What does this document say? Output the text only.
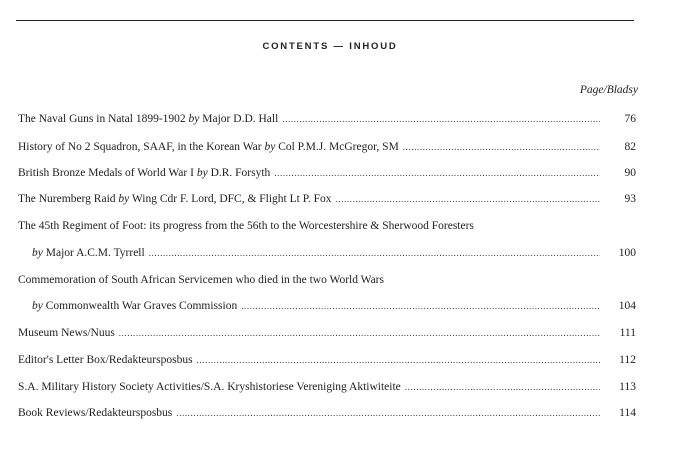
CONTENTS — INHOUD
Page/Bladsy
The Naval Guns in Natal 1899-1902 by Major D.D. Hall .....	76
History of No 2 Squadron, SAAF, in the Korean War by Col P.M.J. McGregor, SM .....	82
British Bronze Medals of World War I by D.R. Forsyth .....	90
The Nuremberg Raid by Wing Cdr F. Lord, DFC, & Flight Lt P. Fox .....	93
The 45th Regiment of Foot: its progress from the 56th to the Worcestershire & Sherwood Foresters
by Major A.C.M. Tyrrell .....	100
Commemoration of South African Servicemen who died in the two World Wars
by Commonwealth War Graves Commission .....	104
Museum News/Nuus .....	111
Editor's Letter Box/Redakteursposbus .....	112
S.A. Military History Society Activities/S.A. Kryshistoriese Vereniging Aktiwiteite .....	113
Book Reviews/Redakteursposbus .....	114
